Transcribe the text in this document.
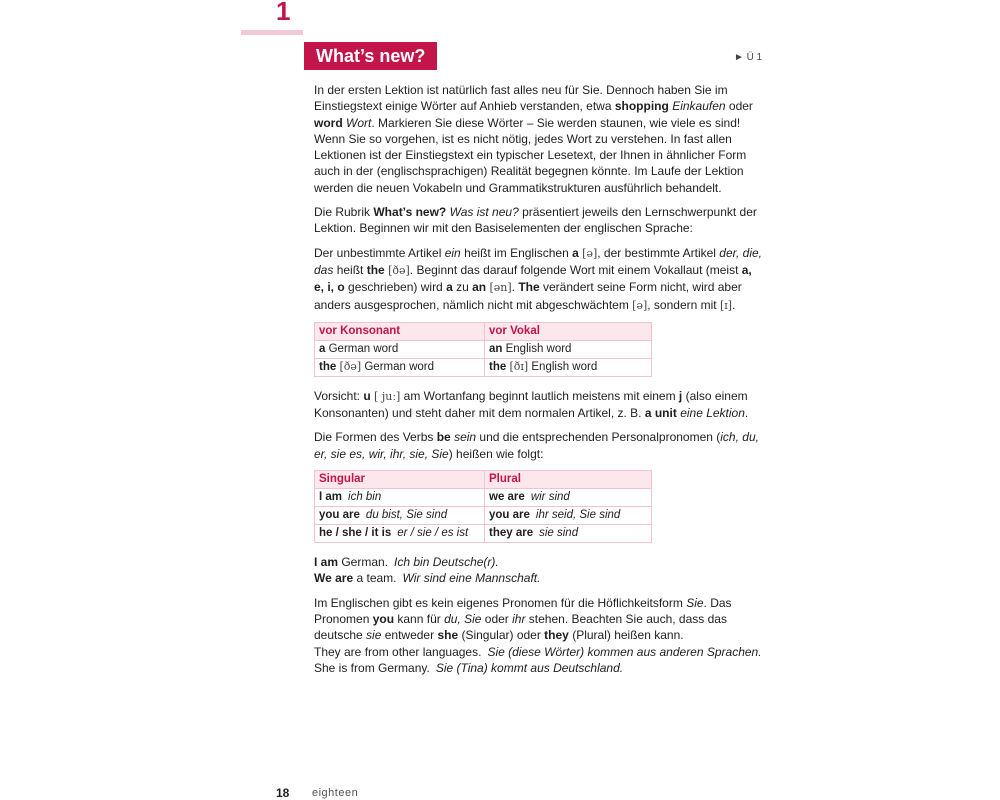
1
What’s new?	► Ü 1

In der ersten Lektion ist natürlich fast alles neu für Sie. Dennoch haben Sie im Einstiegstext einige Wörter auf Anhieb verstanden, etwa shopping Einkaufen oder word Wort. Markieren Sie diese Wörter – Sie werden staunen, wie viele es sind! Wenn Sie so vorgehen, ist es nicht nötig, jedes Wort zu verstehen. In fast allen Lektionen ist der Einstiegstext ein typischer Lesetext, der Ihnen in ähnlicher Form auch in der (englischsprachigen) Realität begegnen könnte. Im Laufe der Lektion werden die neuen Vokabeln und Grammatikstrukturen ausführlich behandelt.

Die Rubrik What’s new? Was ist neu? präsentiert jeweils den Lernschwerpunkt der Lektion. Beginnen wir mit den Basiselementen der englischen Sprache:

Der unbestimmte Artikel ein heißt im Englischen a [ə], der bestimmte Artikel der, die, das heißt the [ðə]. Beginnt das darauf folgende Wort mit einem Vokallaut (meist a, e, i, o geschrieben) wird a zu an [ən]. The verändert seine Form nicht, wird aber anders ausgesprochen, nämlich nicht mit abgeschwächtem [ə], sondern mit [ɪ].

vor Konsonant	vor Vokal
a German word	an English word
the [ðə] German word	the [ðɪ] English word

Vorsicht: u [ juː] am Wortanfang beginnt lautlich meistens mit einem j (also einem Konsonanten) und steht daher mit dem normalen Artikel, z. B. a unit eine Lektion.

Die Formen des Verbs be sein und die entsprechenden Personalpronomen (ich, du, er, sie es, wir, ihr, sie, Sie) heißen wie folgt:

Singular	Plural
I am ich bin	we are wir sind
you are du bist, Sie sind	you are ihr seid, Sie sind
he / she / it is er / sie / es ist	they are sie sind

I am German. Ich bin Deutsche(r).
We are a team. Wir sind eine Mannschaft.

Im Englischen gibt es kein eigenes Pronomen für die Höflichkeitsform Sie. Das Pronomen you kann für du, Sie oder ihr stehen. Beachten Sie auch, dass das deutsche sie entweder she (Singular) oder they (Plural) heißen kann.
They are from other languages. Sie (diese Wörter) kommen aus anderen Sprachen.
She is from Germany. Sie (Tina) kommt aus Deutschland.

18 eighteen
